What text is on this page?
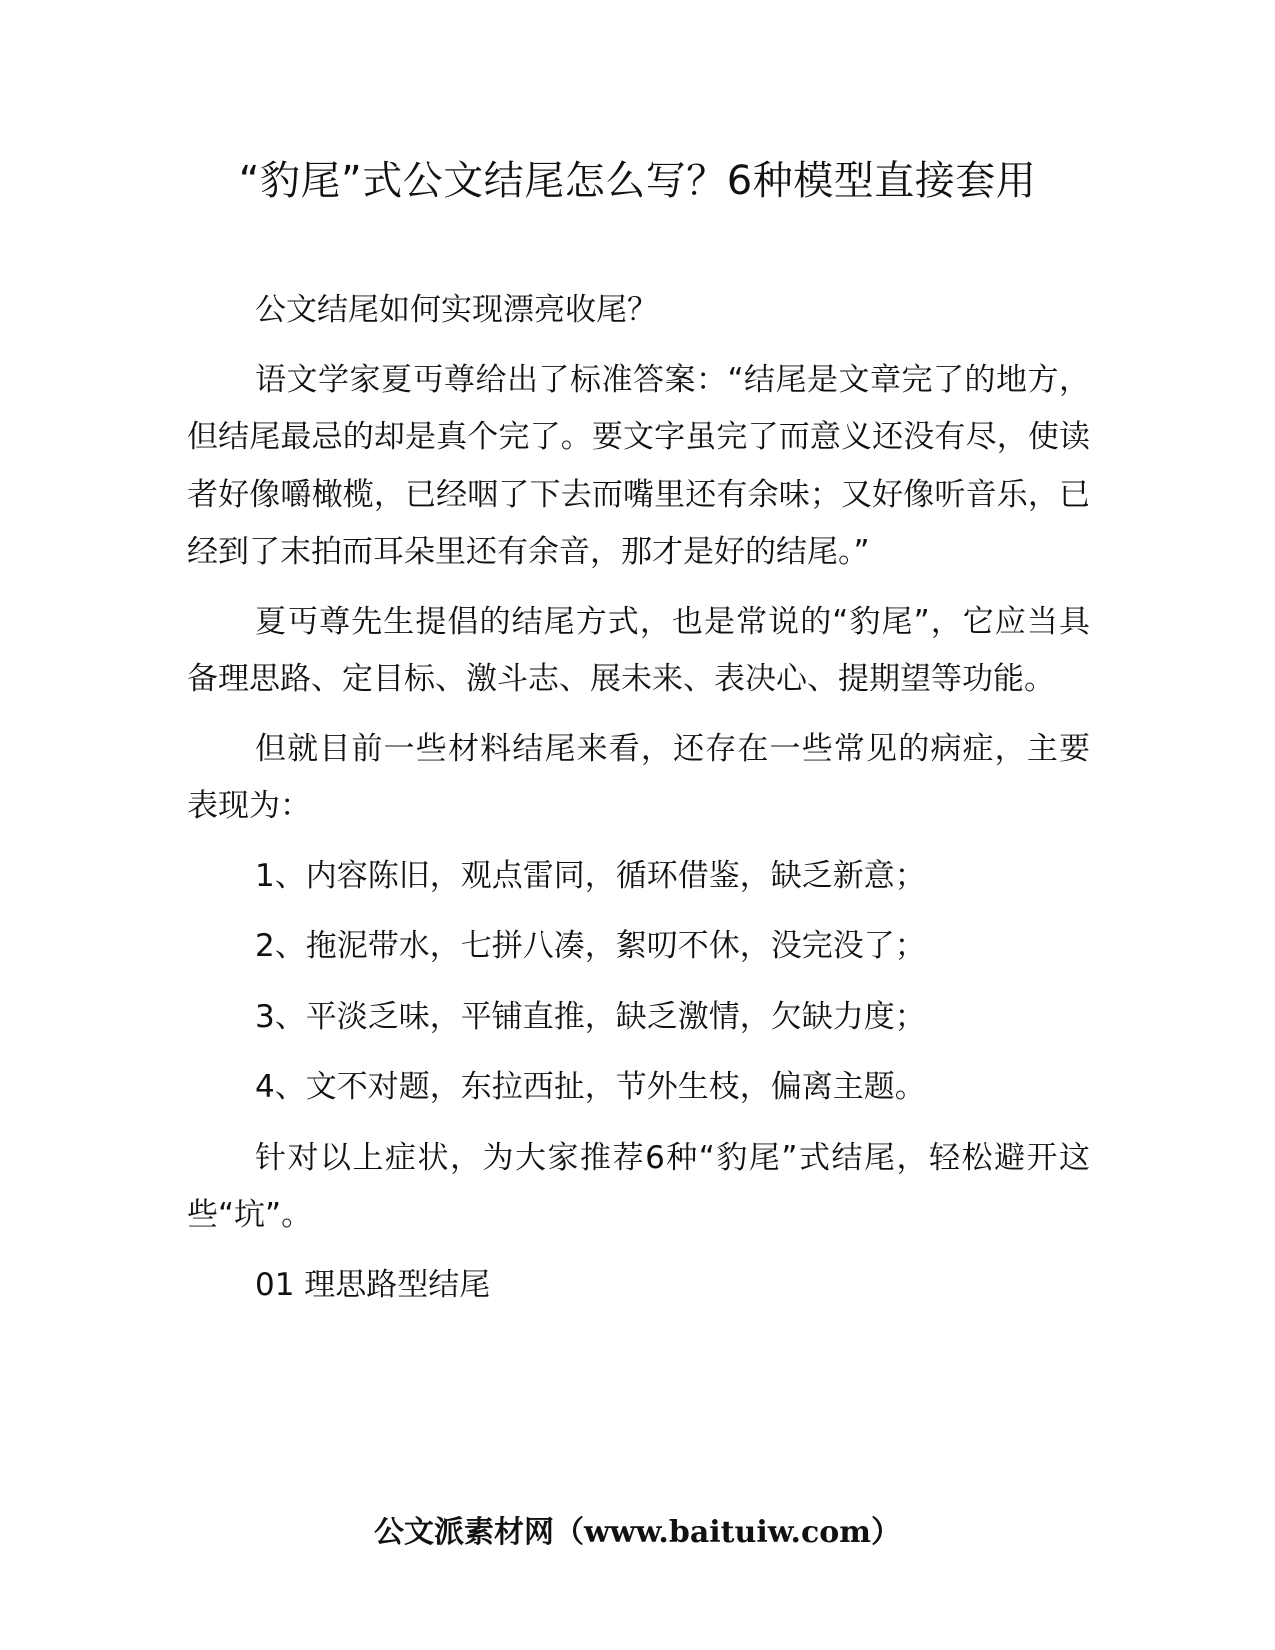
“豹尾”式公文结尾怎么写？6种模型直接套用

公文结尾如何实现漂亮收尾？

语文学家夏丏尊给出了标准答案：“结尾是文章完了的地方，但结尾最忌的却是真个完了。要文字虽完了而意义还没有尽，使读者好像嚼橄榄，已经咽了下去而嘴里还有余味；又好像听音乐，已经到了末拍而耳朵里还有余音，那才是好的结尾。”

夏丏尊先生提倡的结尾方式，也是常说的“豹尾”，它应当具备理思路、定目标、激斗志、展未来、表决心、提期望等功能。

但就目前一些材料结尾来看，还存在一些常见的病症，主要表现为：

1、内容陈旧，观点雷同，循环借鉴，缺乏新意；

2、拖泥带水，七拼八凑，絮叨不休，没完没了；

3、平淡乏味，平铺直推，缺乏激情，欠缺力度；

4、文不对题，东拉西扯，节外生枝，偏离主题。

针对以上症状，为大家推荐6种“豹尾”式结尾，轻松避开这些“坑”。

01 理思路型结尾

公文派素材网（www.baituiw.com）
